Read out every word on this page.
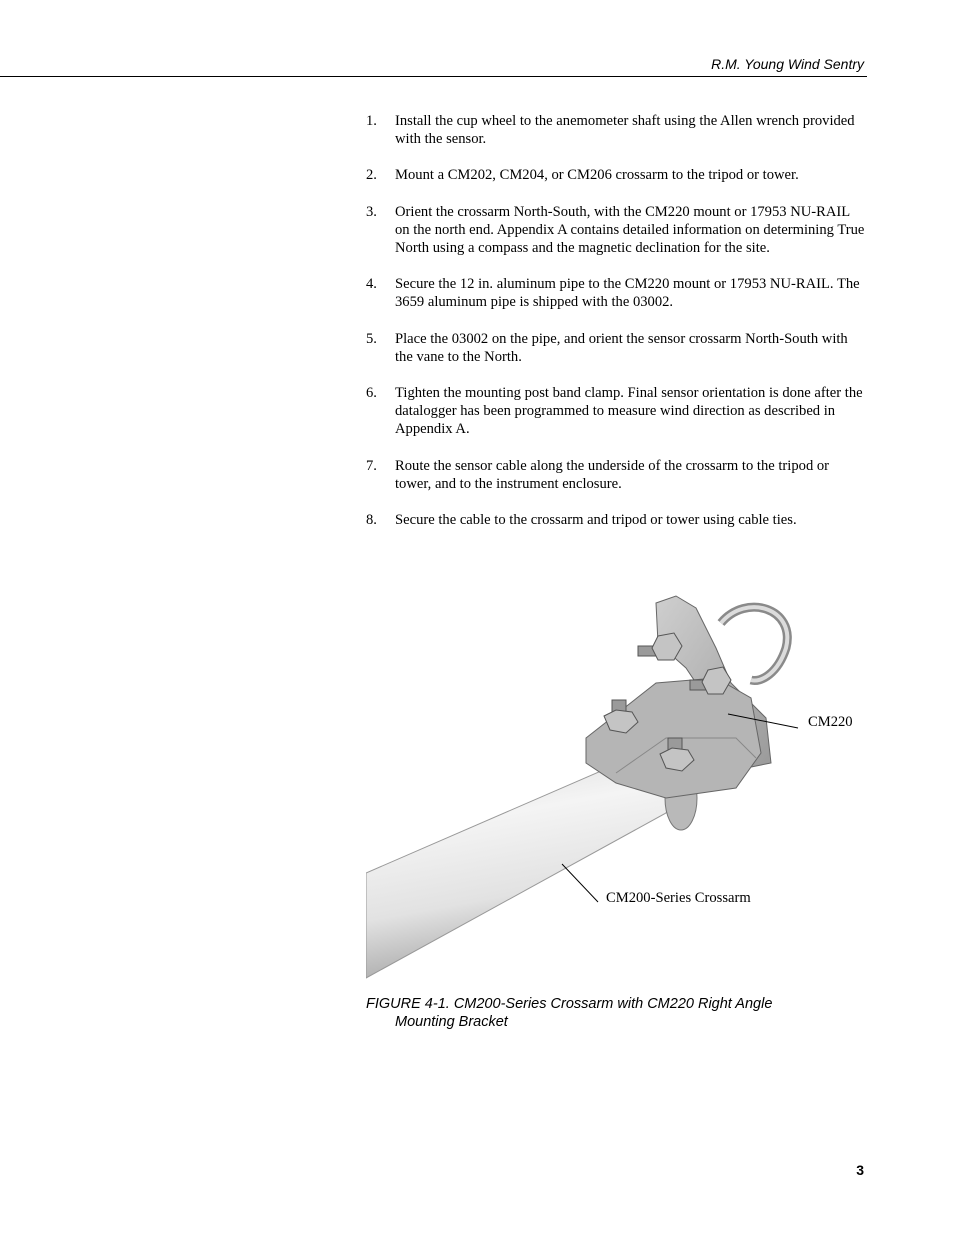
R.M. Young Wind Sentry
1.	Install the cup wheel to the anemometer shaft using the Allen wrench provided with the sensor.
2.	Mount a CM202, CM204, or CM206 crossarm to the tripod or tower.
3.	Orient the crossarm North-South, with the CM220 mount or 17953 NU-RAIL on the north end. Appendix A contains detailed information on determining True North using a compass and the magnetic declination for the site.
4.	Secure the 12 in. aluminum pipe to the CM220 mount or 17953 NU-RAIL. The 3659 aluminum pipe is shipped with the 03002.
5.	Place the 03002 on the pipe, and orient the sensor crossarm North-South with the vane to the North.
6.	Tighten the mounting post band clamp. Final sensor orientation is done after the datalogger has been programmed to measure wind direction as described in Appendix A.
7.	Route the sensor cable along the underside of the crossarm to the tripod or tower, and to the instrument enclosure.
8.	Secure the cable to the crossarm and tripod or tower using cable ties.
CM220
CM200-Series Crossarm
FIGURE 4-1. CM200-Series Crossarm with CM220 Right Angle
Mounting Bracket
3
